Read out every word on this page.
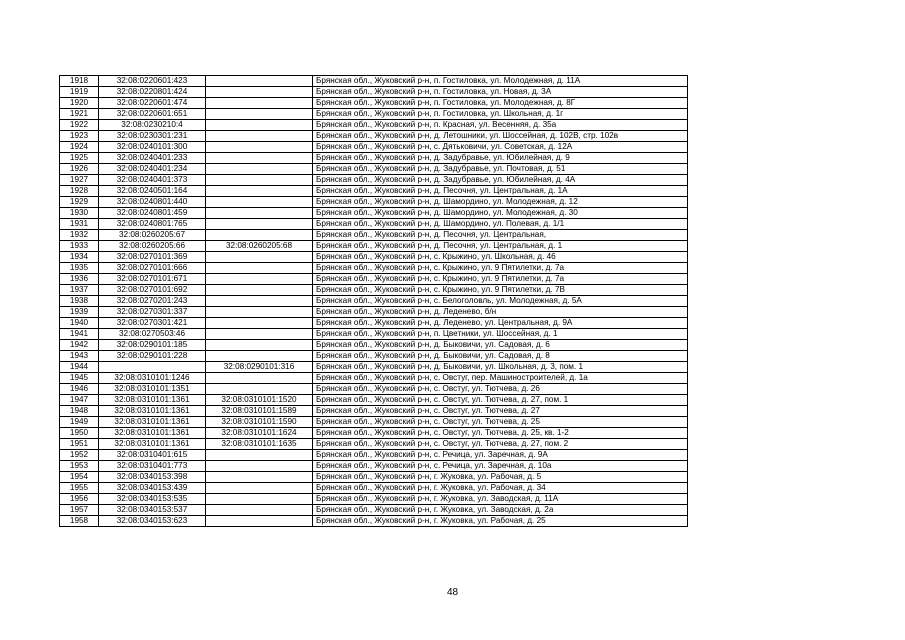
1918	32:08:0220601:423		Брянская обл., Жуковский р-н, п. Гостиловка, ул. Молодежная, д. 11А
1919	32:08:0220801:424		Брянская обл., Жуковский р-н, п. Гостиловка, ул. Новая, д. 3А
1920	32:08:0220601:474		Брянская обл., Жуковский р-н, п. Гостиловка, ул. Молодежная, д. 8Г
1921	32:08:0220601:651		Брянская обл., Жуковский р-н, п. Гостиловка, ул. Школьная, д. 1г
1922	32:08:0230210:4		Брянская обл., Жуковский р-н, п. Красная, ул. Весенняя, д. 35а
1923	32:08:0230301:231		Брянская обл., Жуковский р-н, д. Летошники, ул. Шоссейная, д. 102В, стр. 102в
1924	32:08:0240101:300		Брянская обл., Жуковский р-н, с. Дятьковичи, ул. Советская, д. 12А
1925	32:08:0240401:233		Брянская обл., Жуковский р-н, д. Задубравье, ул. Юбилейная, д. 9
1926	32:08:0240401:234		Брянская обл., Жуковский р-н, д. Задубравье, ул. Почтовая, д. 51
1927	32:08:0240401:373		Брянская обл., Жуковский р-н, д. Задубравье, ул. Юбилейная, д. 4А
1928	32:08:0240501:164		Брянская обл., Жуковский р-н, д. Песочня, ул. Центральная, д. 1А
1929	32:08:0240801:440		Брянская обл., Жуковский р-н, д. Шамордино, ул. Молодежная, д. 12
1930	32:08:0240801:459		Брянская обл., Жуковский р-н, д. Шамордино, ул. Молодежная, д. 30
1931	32:08:0240801:765		Брянская обл., Жуковский р-н, д. Шамордино, ул. Полевая, д. 1/1
1932	32:08:0260205:67		Брянская обл., Жуковский р-н, д. Песочня, ул. Центральная,
1933	32:08:0260205:66	32:08:0260205:68	Брянская обл., Жуковский р-н, д. Песочня, ул. Центральная, д. 1
1934	32:08:0270101:369		Брянская обл., Жуковский р-н, с. Крыжино, ул. Школьная, д. 46
1935	32:08:0270101:666		Брянская обл., Жуковский р-н, с. Крыжино, ул. 9 Пятилетки, д. 7а
1936	32:08:0270101:671		Брянская обл., Жуковский р-н, с. Крыжино, ул. 9 Пятилетки, д. 7а
1937	32:08:0270101:692		Брянская обл., Жуковский р-н, с. Крыжино, ул. 9 Пятилетки, д. 7В
1938	32:08:0270201:243		Брянская обл., Жуковский р-н, с. Белоголовль, ул. Молодежная, д. 5А
1939	32:08:0270301:337		Брянская обл., Жуковский р-н, д. Леденево, б/н
1940	32:08:0270301:421		Брянская обл., Жуковский р-н, д. Леденево, ул. Центральная, д. 9А
1941	32:08:0270503:46		Брянская обл., Жуковский р-н, п. Цветники, ул. Шоссейная, д. 1
1942	32:08:0290101:185		Брянская обл., Жуковский р-н, д. Быковичи, ул. Садовая, д. 6
1943	32:08:0290101:228		Брянская обл., Жуковский р-н, д. Быковичи, ул. Садовая, д. 8
1944		32:08:0290101:316	Брянская обл., Жуковский р-н, д. Быковичи, ул. Школьная, д. 3, пом. 1
1945	32:08:0310101:1246		Брянская обл., Жуковский р-н, с. Овстуг, пер. Машиностроителей, д. 1а
1946	32:08:0310101:1351		Брянская обл., Жуковский р-н, с. Овстуг, ул. Тютчева, д. 26
1947	32:08:0310101:1361	32:08:0310101:1520	Брянская обл., Жуковский р-н, с. Овстуг, ул. Тютчева, д. 27, пом. 1
1948	32:08:0310101:1361	32:08:0310101:1589	Брянская обл., Жуковский р-н, с. Овстуг, ул. Тютчева, д. 27
1949	32:08:0310101:1361	32:08:0310101:1590	Брянская обл., Жуковский р-н, с. Овстуг, ул. Тютчева, д. 25
1950	32:08:0310101:1361	32:08:0310101:1624	Брянская обл., Жуковский р-н, с. Овстуг, ул. Тютчева, д. 25, кв. 1-2
1951	32:08:0310101:1361	32:08:0310101:1635	Брянская обл., Жуковский р-н, с. Овстуг, ул. Тютчева, д. 27, пом. 2
1952	32:08:0310401:615		Брянская обл., Жуковский р-н, с. Речица, ул. Заречная, д. 9А
1953	32:08:0310401:773		Брянская обл., Жуковский р-н, с. Речица, ул. Заречная, д. 10а
1954	32:08:0340153:398		Брянская обл., Жуковский р-н, г. Жуковка, ул. Рабочая, д. 5
1955	32:08:0340153:439		Брянская обл., Жуковский р-н, г. Жуковка, ул. Рабочая, д. 34
1956	32:08:0340153:535		Брянская обл., Жуковский р-н, г. Жуковка, ул. Заводская, д. 11А
1957	32:08:0340153:537		Брянская обл., Жуковский р-н, г. Жуковка, ул. Заводская, д. 2а
1958	32:08:0340153:623		Брянская обл., Жуковский р-н, г. Жуковка, ул. Рабочая, д. 25
48
